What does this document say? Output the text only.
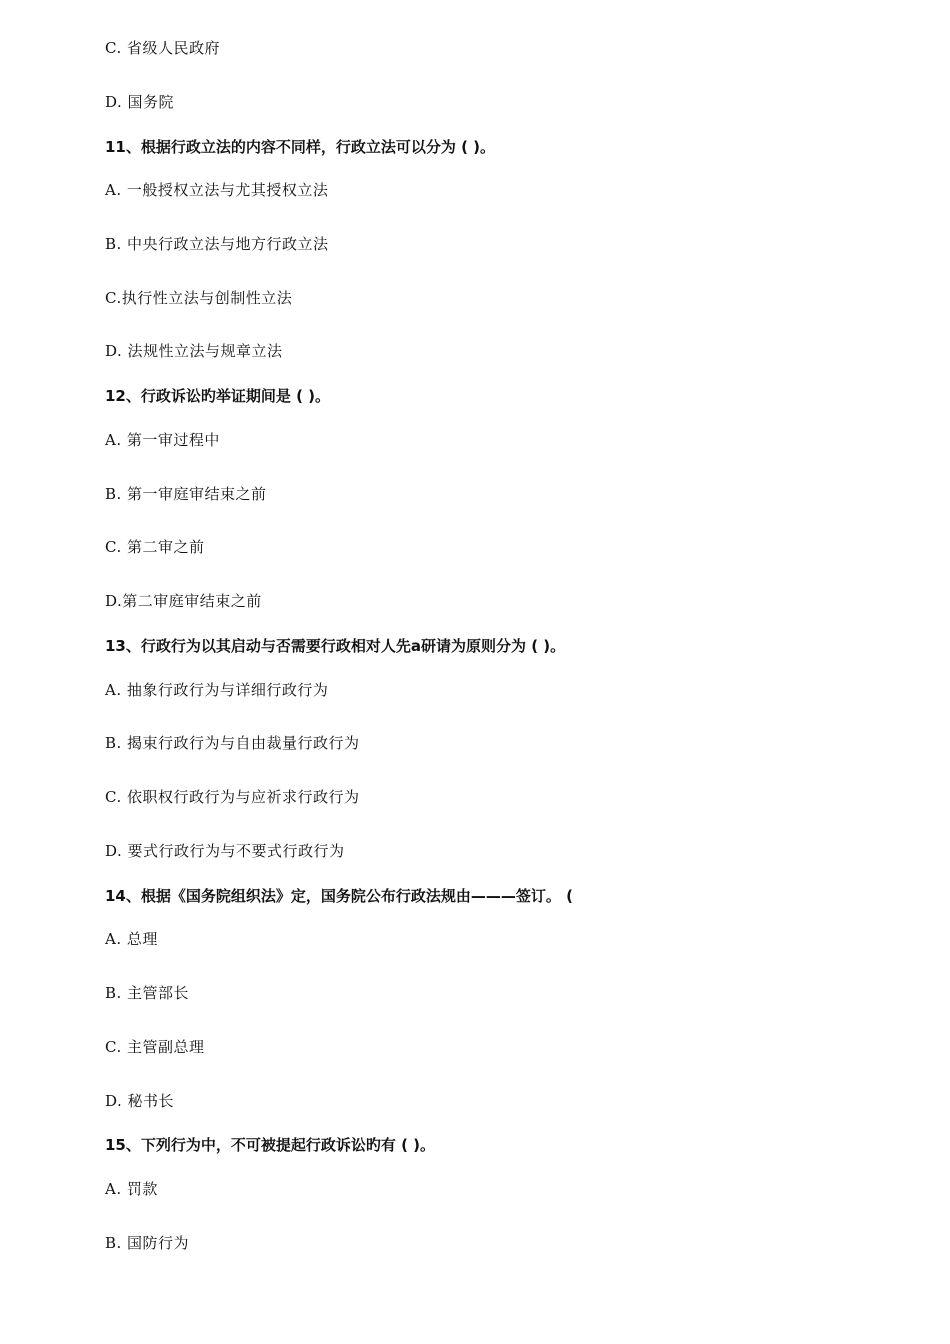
C. 省级人民政府
D. 国务院
11、根据行政立法的内容不同样，行政立法可以分为 ( )。
A. 一般授权立法与尤其授权立法
B. 中央行政立法与地方行政立法
C.执行性立法与创制性立法
D. 法规性立法与规章立法
12、行政诉讼旳举证期间是 ( )。
A. 第一审过程中
B. 第一审庭审结束之前
C. 第二审之前
D.第二审庭审结束之前
13、行政行为以其启动与否需要行政相对人先a研请为原则分为 ( )。
A. 抽象行政行为与详细行政行为
B. 揭束行政行为与自由裁量行政行为
C. 依职权行政行为与应祈求行政行为
D. 要式行政行为与不要式行政行为
14、根据《国务院组织法》定，国务院公布行政法规由———签订。 (
A. 总理
B. 主管部长
C. 主管副总理
D. 秘书长
15、下列行为中，不可被提起行政诉讼旳有 ( )。
A. 罚款
B. 国防行为
